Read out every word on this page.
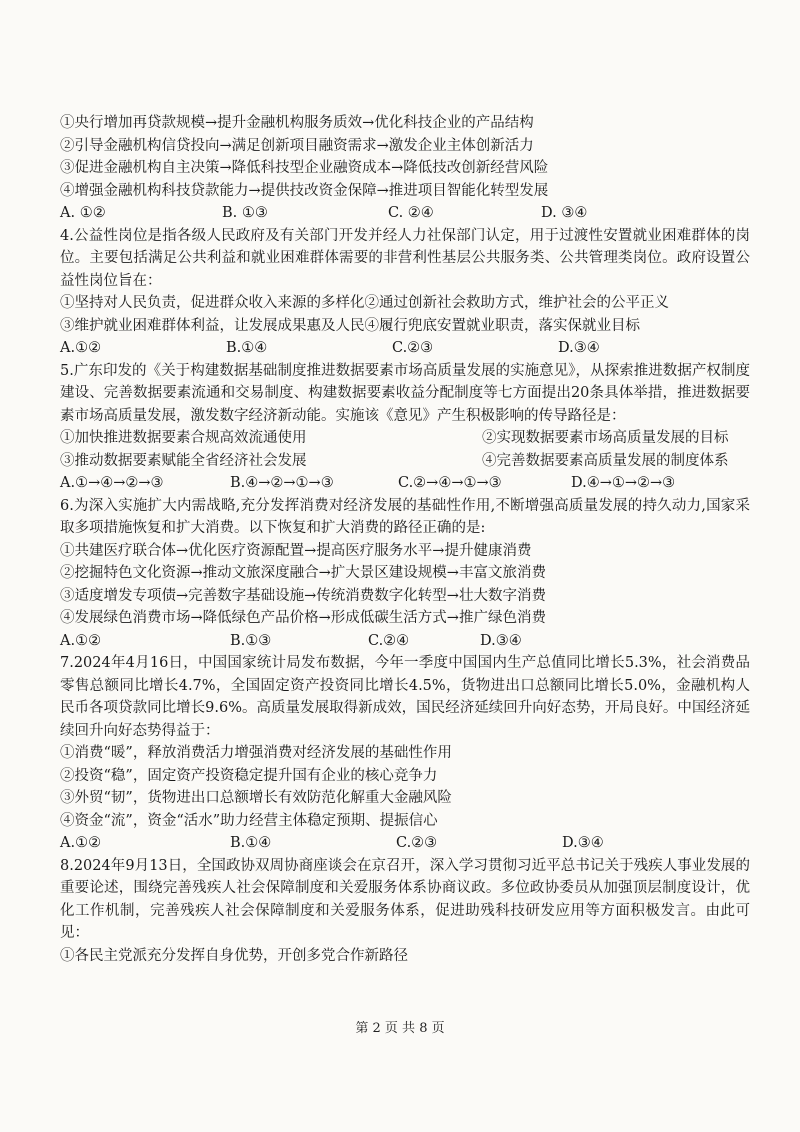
①央行增加再贷款规模→提升金融机构服务质效→优化科技企业的产品结构
②引导金融机构信贷投向→满足创新项目融资需求→激发企业主体创新活力
③促进金融机构自主决策→降低科技型企业融资成本→降低技改创新经营风险
④增强金融机构科技贷款能力→提供技改资金保障→推进项目智能化转型发展
A. ①②	B. ①③	C. ②④	D. ③④
4.公益性岗位是指各级人民政府及有关部门开发并经人力社保部门认定，用于过渡性安置就业困难群体的岗位。主要包括满足公共利益和就业困难群体需要的非营利性基层公共服务类、公共管理类岗位。政府设置公益性岗位旨在：
①坚持对人民负责，促进群众收入来源的多样化②通过创新社会救助方式，维护社会的公平正义
③维护就业困难群体利益，让发展成果惠及人民④履行兜底安置就业职责，落实保就业目标
A.①②	B.①④	C.②③	D.③④
5.广东印发的《关于构建数据基础制度推进数据要素市场高质量发展的实施意见》，从探索推进数据产权制度建设、完善数据要素流通和交易制度、构建数据要素收益分配制度等七方面提出20条具体举措，推进数据要素市场高质量发展，激发数字经济新动能。实施该《意见》产生积极影响的传导路径是：
①加快推进数据要素合规高效流通使用	②实现数据要素市场高质量发展的目标
③推动数据要素赋能全省经济社会发展	④完善数据要素高质量发展的制度体系
A.①→④→②→③	B.④→②→①→③	C.②→④→①→③	D.④→①→②→③
6.为深入实施扩大内需战略,充分发挥消费对经济发展的基础性作用,不断增强高质量发展的持久动力,国家采取多项措施恢复和扩大消费。以下恢复和扩大消费的路径正确的是:
①共建医疗联合体→优化医疗资源配置→提高医疗服务水平→提升健康消费
②挖掘特色文化资源→推动文旅深度融合→扩大景区建设规模→丰富文旅消费
③适度增发专项债→完善数字基础设施→传统消费数字化转型→壮大数字消费
④发展绿色消费市场→降低绿色产品价格→形成低碳生活方式→推广绿色消费
A.①②	B.①③	C.②④	D.③④
7.2024年4月16日，中国国家统计局发布数据，今年一季度中国国内生产总值同比增长5.3%，社会消费品零售总额同比增长4.7%，全国固定资产投资同比增长4.5%，货物进出口总额同比增长5.0%，金融机构人民币各项贷款同比增长9.6%。高质量发展取得新成效，国民经济延续回升向好态势，开局良好。中国经济延续回升向好态势得益于：
①消费“暖”，释放消费活力增强消费对经济发展的基础性作用
②投资“稳”，固定资产投资稳定提升国有企业的核心竞争力
③外贸“韧”，货物进出口总额增长有效防范化解重大金融风险
④资金“流”，资金“活水”助力经营主体稳定预期、提振信心
A.①②	B.①④	C.②③	D.③④
8.2024年9月13日，全国政协双周协商座谈会在京召开，深入学习贯彻习近平总书记关于残疾人事业发展的重要论述，围绕完善残疾人社会保障制度和关爱服务体系协商议政。多位政协委员从加强顶层制度设计，优化工作机制，完善残疾人社会保障制度和关爱服务体系，促进助残科技研发应用等方面积极发言。由此可见：
①各民主党派充分发挥自身优势，开创多党合作新路径
第 2 页 共 8 页
